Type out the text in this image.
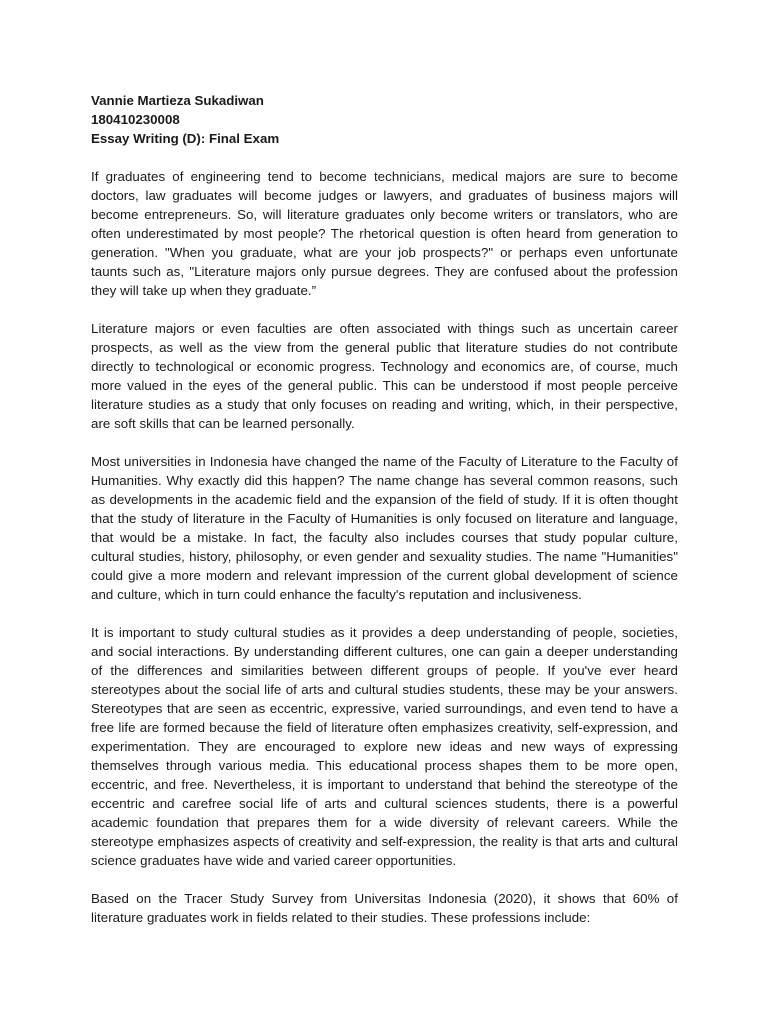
Vannie Martieza Sukadiwan

180410230008

Essay Writing (D): Final Exam

If graduates of engineering tend to become technicians, medical majors are sure to become doctors, law graduates will become judges or lawyers, and graduates of business majors will become entrepreneurs. So, will literature graduates only become writers or translators, who are often underestimated by most people? The rhetorical question is often heard from generation to generation. "When you graduate, what are your job prospects?" or perhaps even unfortunate taunts such as, "Literature majors only pursue degrees. They are confused about the profession they will take up when they graduate.”

Literature majors or even faculties are often associated with things such as uncertain career prospects, as well as the view from the general public that literature studies do not contribute directly to technological or economic progress. Technology and economics are, of course, much more valued in the eyes of the general public. This can be understood if most people perceive literature studies as a study that only focuses on reading and writing, which, in their perspective, are soft skills that can be learned personally.

Most universities in Indonesia have changed the name of the Faculty of Literature to the Faculty of Humanities. Why exactly did this happen? The name change has several common reasons, such as developments in the academic field and the expansion of the field of study. If it is often thought that the study of literature in the Faculty of Humanities is only focused on literature and language, that would be a mistake. In fact, the faculty also includes courses that study popular culture, cultural studies, history, philosophy, or even gender and sexuality studies. The name "Humanities" could give a more modern and relevant impression of the current global development of science and culture, which in turn could enhance the faculty's reputation and inclusiveness.

It is important to study cultural studies as it provides a deep understanding of people, societies, and social interactions. By understanding different cultures, one can gain a deeper understanding of the differences and similarities between different groups of people. If you've ever heard stereotypes about the social life of arts and cultural studies students, these may be your answers. Stereotypes that are seen as eccentric, expressive, varied surroundings, and even tend to have a free life are formed because the field of literature often emphasizes creativity, self-expression, and experimentation. They are encouraged to explore new ideas and new ways of expressing themselves through various media. This educational process shapes them to be more open, eccentric, and free. Nevertheless, it is important to understand that behind the stereotype of the eccentric and carefree social life of arts and cultural sciences students, there is a powerful academic foundation that prepares them for a wide diversity of relevant careers. While the stereotype emphasizes aspects of creativity and self-expression, the reality is that arts and cultural science graduates have wide and varied career opportunities.

Based on the Tracer Study Survey from Universitas Indonesia (2020), it shows that 60% of literature graduates work in fields related to their studies. These professions include:
